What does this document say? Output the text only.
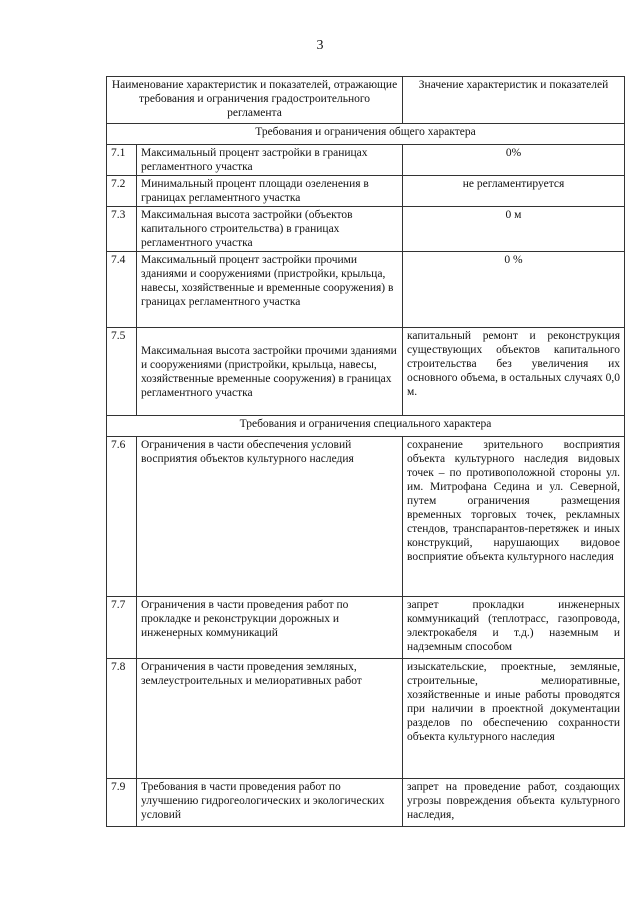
3
Наименование характеристик и показателей, отражающие требования и ограничения градостроительного регламента		Значение характеристик и показателей
Требования и ограничения общего характера		
7.1	Максимальный процент застройки в границах регламентного участка	0%
7.2	Минимальный процент площади озеленения в границах регламентного участка	не регламентируется
7.3	Максимальная высота застройки (объектов капитального строительства) в границах регламентного участка	0 м
7.4	Максимальный процент застройки прочими зданиями и сооружениями (пристройки, крыльца, навесы, хозяйственные и временные сооружения) в границах регламентного участка	0 %
7.5	Максимальная высота застройки прочими зданиями и сооружениями (пристройки, крыльца, навесы, хозяйственные временные сооружения) в границах регламентного участка	капитальный ремонт и реконструкция существующих объектов капитального строительства без увеличения их основного объема, в остальных случаях 0,0 м.
Требования и ограничения специального характера		
7.6	Ограничения в части обеспечения условий восприятия объектов культурного наследия	сохранение зрительного восприятия объекта культурного наследия видовых точек – по противоположной стороны ул. им. Митрофана Седина и ул. Северной, путем ограничения размещения временных торговых точек, рекламных стендов, транспарантов-перетяжек и иных конструкций, нарушающих видовое восприятие объекта культурного наследия
7.7	Ограничения в части проведения работ по прокладке и реконструкции дорожных и инженерных коммуникаций	запрет прокладки инженерных коммуникаций (теплотрасс, газопровода, электрокабеля и т.д.) наземным и надземным способом
7.8	Ограничения в части проведения земляных, землеустроительных и мелиоративных работ	изыскательские, проектные, земляные, строительные, мелиоративные, хозяйственные и иные работы проводятся при наличии в проектной документации разделов по обеспечению сохранности объекта культурного наследия
7.9	Требования в части проведения работ по улучшению гидрогеологических и экологических условий	запрет на проведение работ, создающих угрозы повреждения объекта культурного наследия,
